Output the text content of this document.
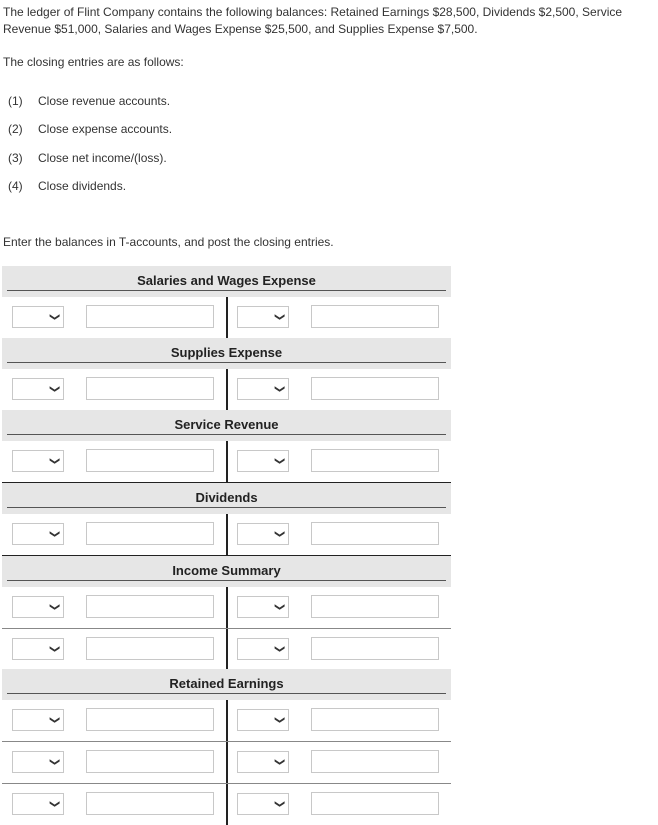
The ledger of Flint Company contains the following balances: Retained Earnings $28,500, Dividends $2,500, Service Revenue $51,000, Salaries and Wages Expense $25,500, and Supplies Expense $7,500.
The closing entries are as follows:
(1) Close revenue accounts.
(2) Close expense accounts.
(3) Close net income/(loss).
(4) Close dividends.
Enter the balances in T-accounts, and post the closing entries.
Salaries and Wages Expense
❯	❯
Supplies Expense
❯	❯
Service Revenue
❯	❯
Dividends
❯	❯
Income Summary
❯	❯
❯	❯
Retained Earnings
❯	❯
❯	❯
❯	❯
